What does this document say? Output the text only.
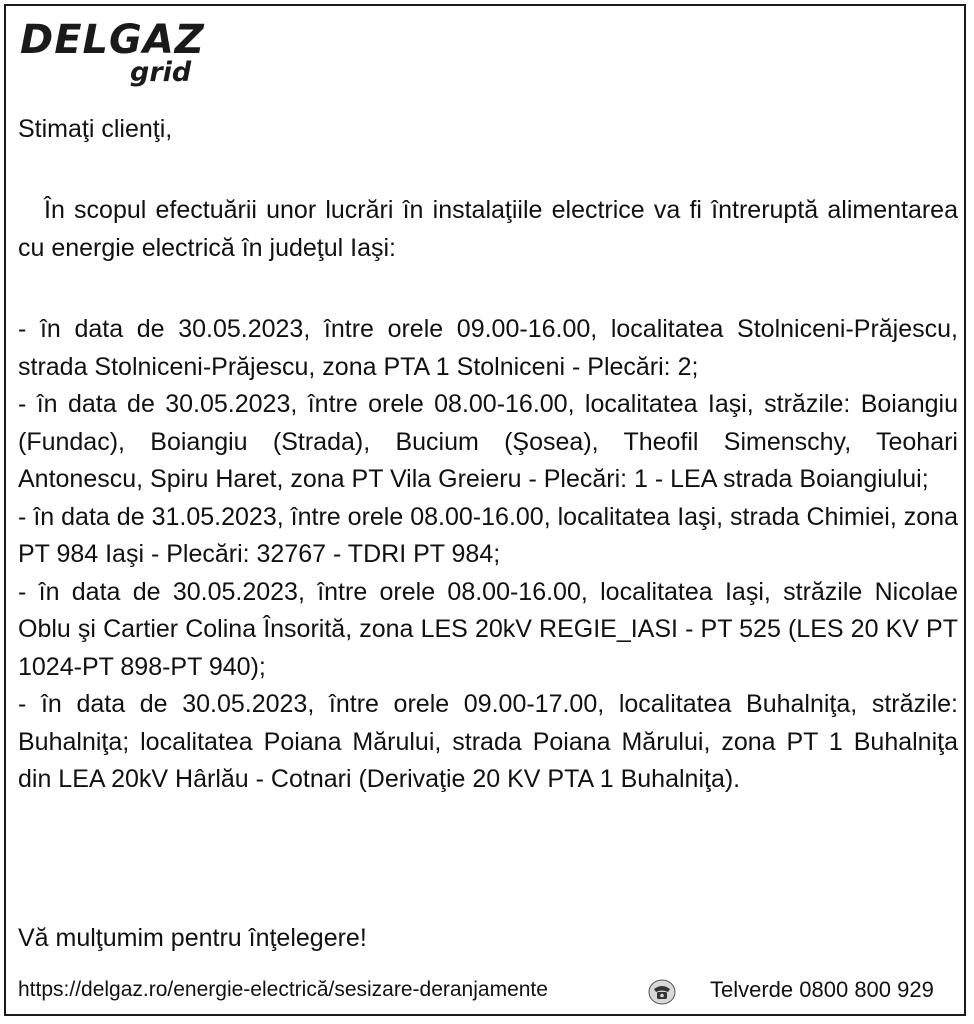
DELGAZ
grid
Stimaţi clienţi,
În scopul efectuării unor lucrări în instalaţiile electrice va fi întreruptă alimentarea cu energie electrică în judeţul Iaşi:

- în data de 30.05.2023, între orele 09.00-16.00, localitatea Stolniceni-Prăjescu, strada Stolniceni-Prăjescu, zona PTA 1 Stolniceni - Plecări: 2;

- în data de 30.05.2023, între orele 08.00-16.00, localitatea Iaşi, străzile: Boiangiu (Fundac), Boiangiu (Strada), Bucium (Şosea), Theofil Simenschy, Teohari Antonescu, Spiru Haret, zona PT Vila Greieru - Plecări: 1 - LEA strada Boiangiului;

- în data de 31.05.2023, între orele 08.00-16.00, localitatea Iaşi, strada Chimiei, zona PT 984 Iaşi - Plecări: 32767 - TDRI PT 984;

- în data de 30.05.2023, între orele 08.00-16.00, localitatea Iaşi, străzile Nicolae Oblu şi Cartier Colina Însorită, zona LES 20kV REGIE_IASI - PT 525 (LES 20 KV PT 1024-PT 898-PT 940);

- în data de 30.05.2023, între orele 09.00-17.00, localitatea Buhalniţa, străzile: Buhalniţa; localitatea Poiana Mărului, strada Poiana Mărului, zona PT 1 Buhalniţa din LEA 20kV Hârlău - Cotnari (Derivaţie 20 KV PTA 1 Buhalniţa).

Vă mulţumim pentru înţelegere!
https://delgaz.ro/energie-electrică/sesizare-deranjamente	Telverde 0800 800 929
